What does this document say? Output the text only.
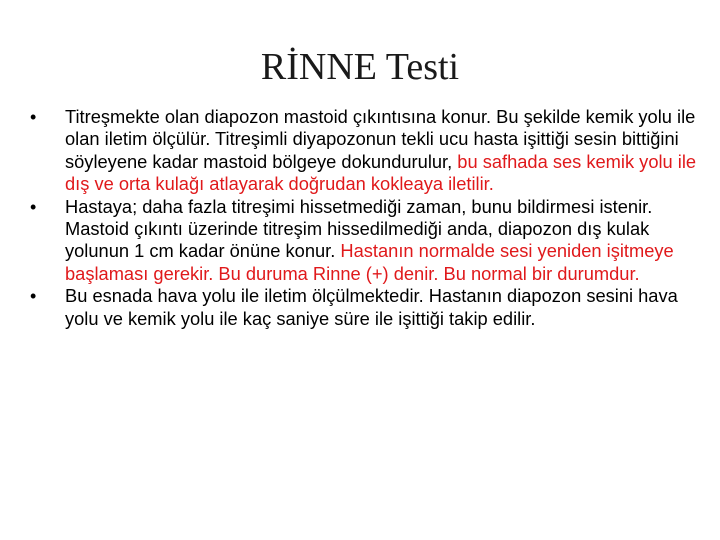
RİNNE Testi
•	Titreşmekte olan diapozon mastoid çıkıntısına konur. Bu şekilde kemik yolu ile olan iletim ölçülür. Titreşimli diyapozonun tekli ucu hasta işittiği sesin bittiğini söyleyene kadar mastoid bölgeye dokundurulur, bu safhada ses kemik yolu ile dış ve orta kulağı atlayarak doğrudan kokleaya iletilir.
•	Hastaya; daha fazla titreşimi hissetmediği zaman, bunu bildirmesi istenir. Mastoid çıkıntı üzerinde titreşim hissedilmediği anda, diapozon dış kulak yolunun 1 cm kadar önüne konur. Hastanın normalde sesi yeniden işitmeye başlaması gerekir. Bu duruma Rinne (+) denir. Bu normal bir durumdur.
•	Bu esnada hava yolu ile iletim ölçülmektedir. Hastanın diapozon sesini hava yolu ve kemik yolu ile kaç saniye süre ile işittiği takip edilir.
